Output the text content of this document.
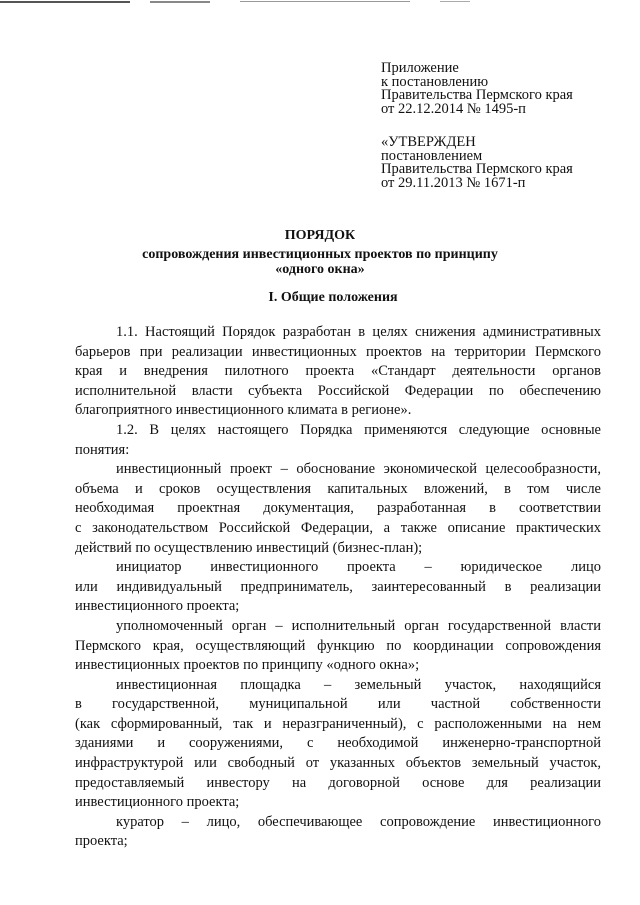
Приложение
к постановлению
Правительства Пермского края
от 22.12.2014 № 1495-п
«УТВЕРЖДЕН
постановлением
Правительства Пермского края
от 29.11.2013 № 1671-п
ПОРЯДОК
сопровождения инвестиционных проектов по принципу
«одного окна»
I. Общие положения

1.1. Настоящий Порядок разработан в целях снижения административных
барьеров при реализации инвестиционных проектов на территории Пермского
края и внедрения пилотного проекта «Стандарт деятельности органов
исполнительной власти субъекта Российской Федерации по обеспечению
благоприятного инвестиционного климата в регионе».

1.2. В целях настоящего Порядка применяются следующие основные
понятия:

инвестиционный проект – обоснование экономической целесообразности,
объема и сроков осуществления капитальных вложений, в том числе
необходимая проектная документация, разработанная в соответствии
с законодательством Российской Федерации, а также описание практических
действий по осуществлению инвестиций (бизнес-план);

инициатор инвестиционного проекта – юридическое лицо
или индивидуальный предприниматель, заинтересованный в реализации
инвестиционного проекта;

уполномоченный орган – исполнительный орган государственной власти
Пермского края, осуществляющий функцию по координации сопровождения
инвестиционных проектов по принципу «одного окна»;

инвестиционная площадка – земельный участок, находящийся
в государственной, муниципальной или частной собственности
(как сформированный, так и неразграниченный), с расположенными на нем
зданиями и сооружениями, с необходимой инженерно-транспортной
инфраструктурой или свободный от указанных объектов земельный участок,
предоставляемый инвестору на договорной основе для реализации
инвестиционного проекта;

куратор – лицо, обеспечивающее сопровождение инвестиционного
проекта;
